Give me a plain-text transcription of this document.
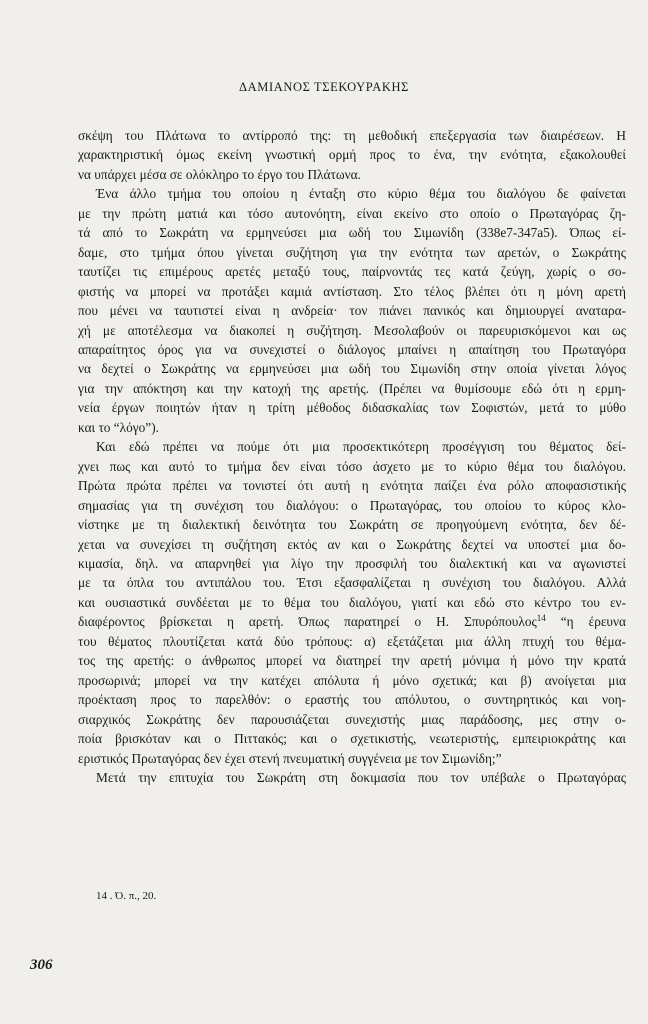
ΔΑΜΙΑΝΟΣ ΤΣΕΚΟΥΡΑΚΗΣ
σκέψη του Πλάτωνα το αντίρροπό της: τη μεθοδική επεξεργασία των διαιρέσεων. Η
χαρακτηριστική όμως εκείνη γνωστική ορμή προς το ένα, την ενότητα, εξακολουθεί
να υπάρχει μέσα σε ολόκληρο το έργο του Πλάτωνα.
Ένα άλλο τμήμα του οποίου η ένταξη στο κύριο θέμα του διαλόγου δε φαίνεται
με την πρώτη ματιά και τόσο αυτονόητη, είναι εκείνο στο οποίο ο Πρωταγόρας ζη-
τά από το Σωκράτη να ερμηνεύσει μια ωδή του Σιμωνίδη (338e7-347a5). Όπως εί-
δαμε, στο τμήμα όπου γίνεται συζήτηση για την ενότητα των αρετών, ο Σωκράτης
ταυτίζει τις επιμέρους αρετές μεταξύ τους, παίρνοντάς τες κατά ζεύγη, χωρίς ο σο-
φιστής να μπορεί να προτάξει καμιά αντίσταση. Στο τέλος βλέπει ότι η μόνη αρετή
που μένει να ταυτιστεί είναι η ανδρεία· τον πιάνει πανικός και δημιουργεί αναταρα-
χή με αποτέλεσμα να διακοπεί η συζήτηση. Μεσολαβούν οι παρευρισκόμενοι και ως
απαραίτητος όρος για να συνεχιστεί ο διάλογος μπαίνει η απαίτηση του Πρωταγόρα
να δεχτεί ο Σωκράτης να ερμηνεύσει μια ωδή του Σιμωνίδη στην οποία γίνεται λόγος
για την απόκτηση και την κατοχή της αρετής. (Πρέπει να θυμίσουμε εδώ ότι η ερμη-
νεία έργων ποιητών ήταν η τρίτη μέθοδος διδασκαλίας των Σοφιστών, μετά το μύθο
και το “λόγο”).
Και εδώ πρέπει να πούμε ότι μια προσεκτικότερη προσέγγιση του θέματος δεί-
χνει πως και αυτό το τμήμα δεν είναι τόσο άσχετο με το κύριο θέμα του διαλόγου.
Πρώτα πρώτα πρέπει να τονιστεί ότι αυτή η ενότητα παίζει ένα ρόλο αποφασιστικής
σημασίας για τη συνέχιση του διαλόγου: ο Πρωταγόρας, του οποίου το κύρος κλο-
νίστηκε με τη διαλεκτική δεινότητα του Σωκράτη σε προηγούμενη ενότητα, δεν δέ-
χεται να συνεχίσει τη συζήτηση εκτός αν και ο Σωκράτης δεχτεί να υποστεί μια δο-
κιμασία, δηλ. να απαρνηθεί για λίγο την προσφιλή του διαλεκτική και να αγωνιστεί
με τα όπλα του αντιπάλου του. Έτσι εξασφαλίζεται η συνέχιση του διαλόγου. Αλλά
και ουσιαστικά συνδέεται με το θέμα του διαλόγου, γιατί και εδώ στο κέντρο του εν-
διαφέροντος βρίσκεται η αρετή. Όπως παρατηρεί ο Η. Σπυρόπουλος$^{14}$ “η έρευνα
του θέματος πλουτίζεται κατά δύο τρόπους: α) εξετάζεται μια άλλη πτυχή του θέμα-
τος της αρετής: ο άνθρωπος μπορεί να διατηρεί την αρετή μόνιμα ή μόνο την κρατά
προσωρινά; μπορεί να την κατέχει απόλυτα ή μόνο σχετικά; και β) ανοίγεται μια
προέκταση προς το παρελθόν: ο εραστής του απόλυτου, ο συντηρητικός και νοη-
σιαρχικός Σωκράτης δεν παρουσιάζεται συνεχιστής μιας παράδοσης, μες στην ο-
ποία βρισκόταν και ο Πιττακός; και ο σχετικιστής, νεωτεριστής, εμπειριοκράτης και
εριστικός Πρωταγόρας δεν έχει στενή πνευματική συγγένεια με τον Σιμωνίδη;”
Μετά την επιτυχία του Σωκράτη στη δοκιμασία που τον υπέβαλε ο Πρωταγόρας
14 . Ό. π., 20.
306
